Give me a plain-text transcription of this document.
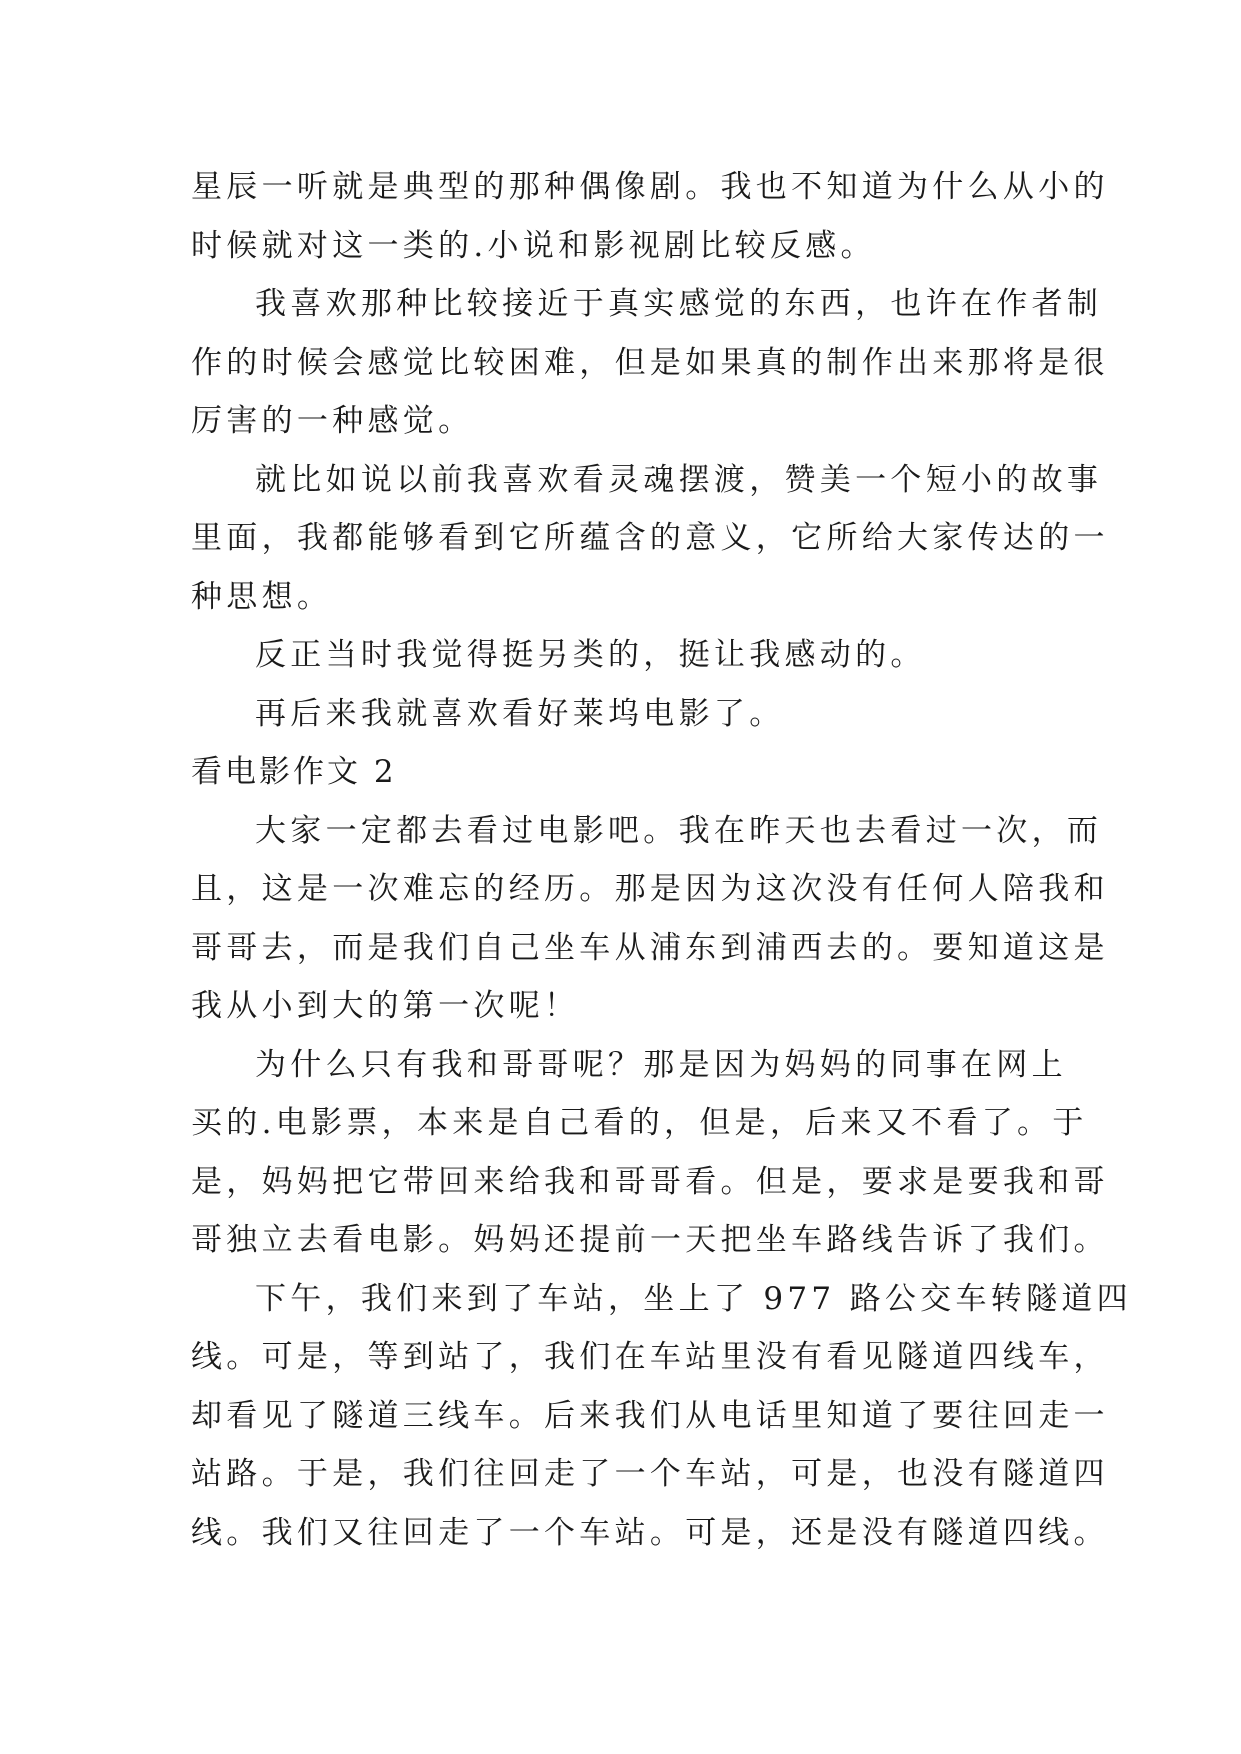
星辰一听就是典型的那种偶像剧。我也不知道为什么从小的
时候就对这一类的.小说和影视剧比较反感。
我喜欢那种比较接近于真实感觉的东西，也许在作者制
作的时候会感觉比较困难，但是如果真的制作出来那将是很
厉害的一种感觉。
就比如说以前我喜欢看灵魂摆渡，赞美一个短小的故事
里面，我都能够看到它所蕴含的意义，它所给大家传达的一
种思想。
反正当时我觉得挺另类的，挺让我感动的。
再后来我就喜欢看好莱坞电影了。
看电影作文 2
大家一定都去看过电影吧。我在昨天也去看过一次，而
且，这是一次难忘的经历。那是因为这次没有任何人陪我和
哥哥去，而是我们自己坐车从浦东到浦西去的。要知道这是
我从小到大的第一次呢！
为什么只有我和哥哥呢？那是因为妈妈的同事在网上
买的.电影票，本来是自己看的，但是，后来又不看了。于
是，妈妈把它带回来给我和哥哥看。但是，要求是要我和哥
哥独立去看电影。妈妈还提前一天把坐车路线告诉了我们。
下午，我们来到了车站，坐上了 977 路公交车转隧道四
线。可是，等到站了，我们在车站里没有看见隧道四线车，
却看见了隧道三线车。后来我们从电话里知道了要往回走一
站路。于是，我们往回走了一个车站，可是，也没有隧道四
线。我们又往回走了一个车站。可是，还是没有隧道四线。
